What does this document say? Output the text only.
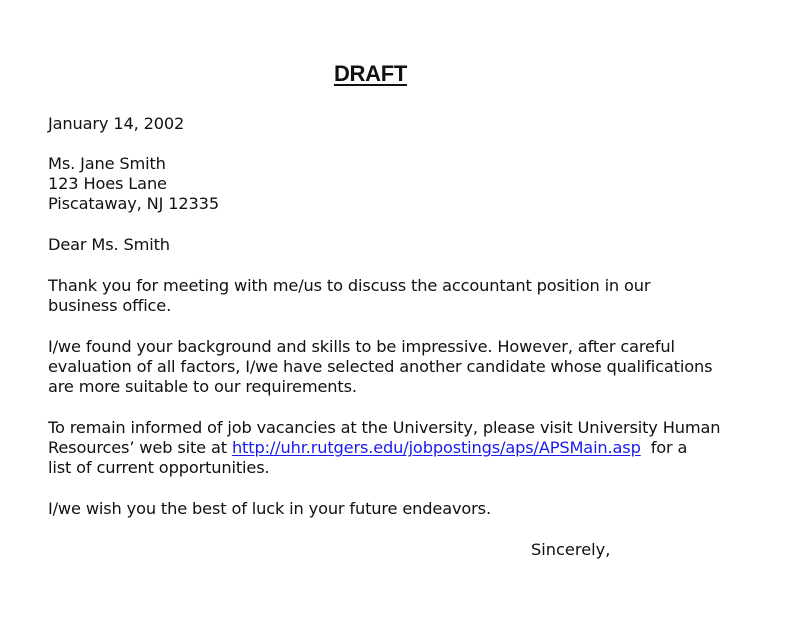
DRAFT
January 14, 2002
Ms. Jane Smith
123 Hoes Lane
Piscataway, NJ 12335
Dear Ms. Smith
Thank you for meeting with me/us to discuss the accountant position in our
business office.
I/we found your background and skills to be impressive. However, after careful
evaluation of all factors, I/we have selected another candidate whose qualifications
are more suitable to our requirements.
To remain informed of job vacancies at the University, please visit University Human
Resources’ web site at http://uhr.rutgers.edu/jobpostings/aps/APSMain.asp  for a
list of current opportunities.
I/we wish you the best of luck in your future endeavors.
Sincerely,
